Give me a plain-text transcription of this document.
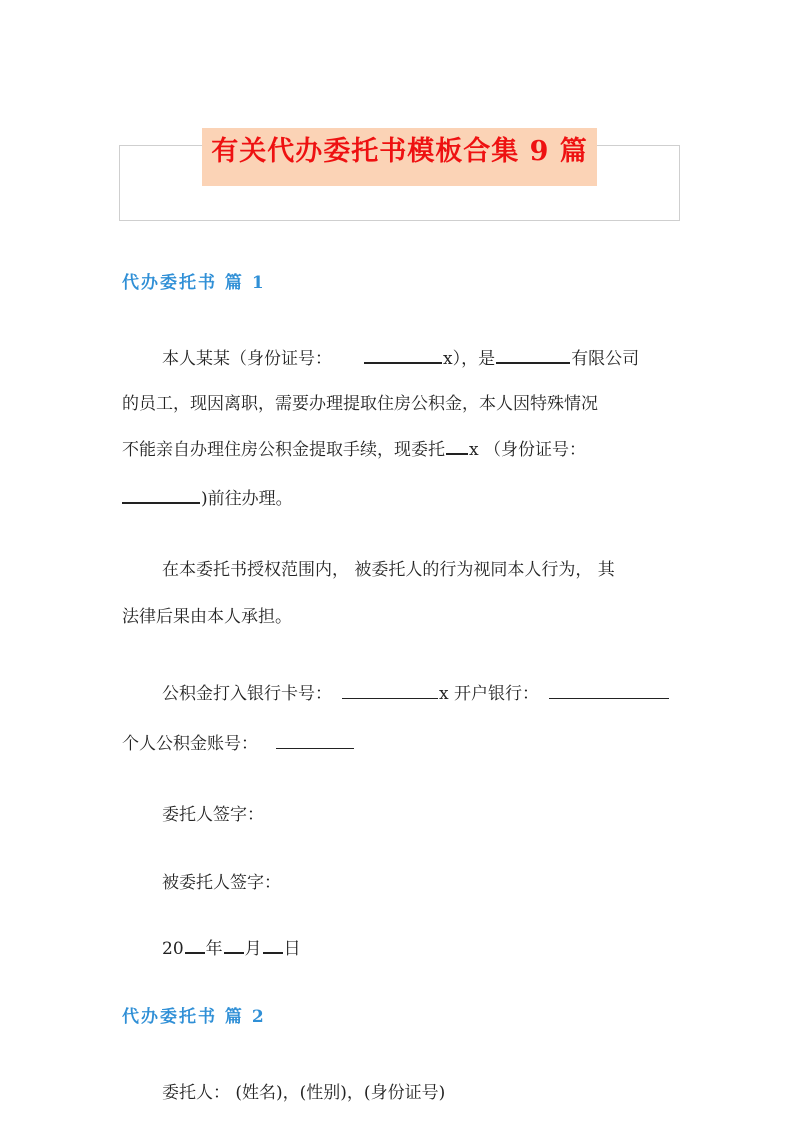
有关代办委托书模板合集 9 篇
代办委托书 篇 1
本人某某（身份证号：	x），是	有限公司
的员工，现因离职，需要办理提取住房公积金，本人因特殊情况
不能亲自办理住房公积金提取手续，现委托 x （身份证号：
)前往办理。
在本委托书授权范围内， 被委托人的行为视同本人行为， 其
法律后果由本人承担。
公积金打入银行卡号：	x 开户银行：
个人公积金账号：
委托人签字：
被委托人签字：
20 年 月 日
代办委托书 篇 2
委托人： (姓名)，(性别)，(身份证号)
